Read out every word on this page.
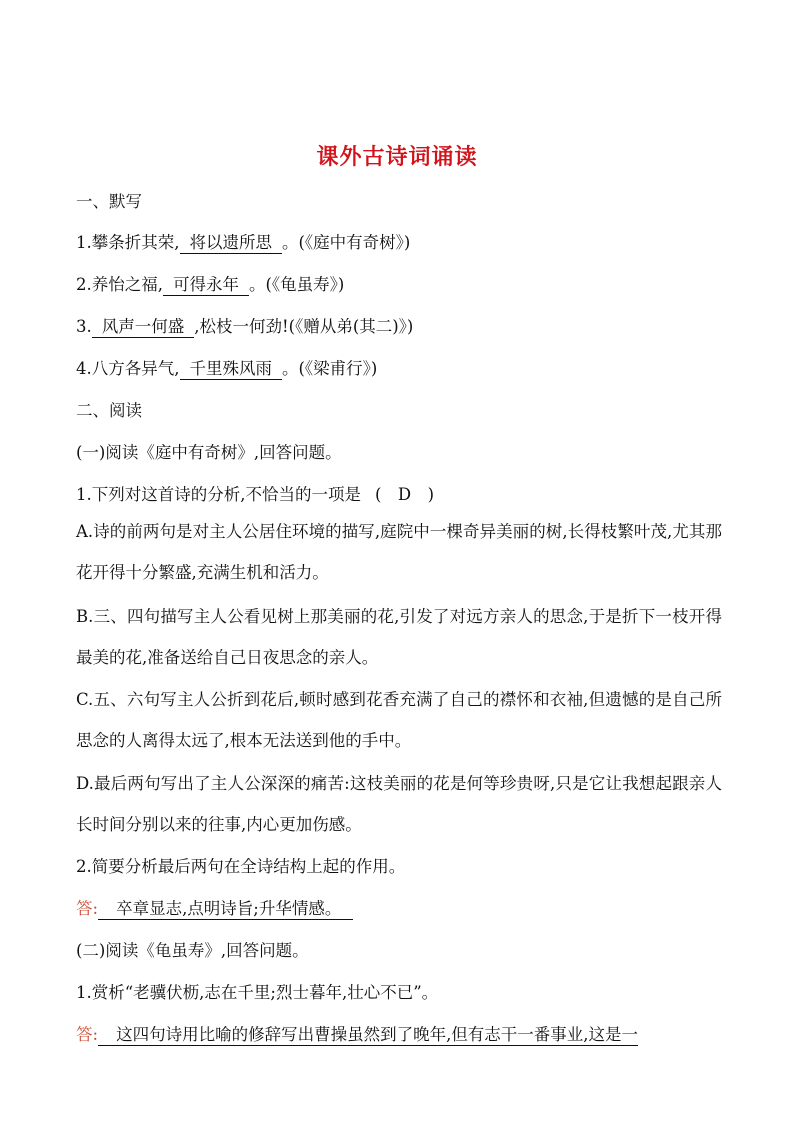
课外古诗词诵读
一、默写
1.攀条折其荣, 将以遗所思 。(《庭中有奇树》)
2.养怡之福, 可得永年 。(《龟虽寿》)
3. 风声一何盛 ,松枝一何劲!(《赠从弟(其二)》)
4.八方各异气, 千里殊风雨 。(《梁甫行》)
二、阅读
(一)阅读《庭中有奇树》,回答问题。
1.下列对这首诗的分析,不恰当的一项是 (　D　)
A.诗的前两句是对主人公居住环境的描写,庭院中一棵奇异美丽的树,长得枝繁叶茂,尤其那花开得十分繁盛,充满生机和活力。
B.三、四句描写主人公看见树上那美丽的花,引发了对远方亲人的思念,于是折下一枝开得最美的花,准备送给自己日夜思念的亲人。
C.五、六句写主人公折到花后,顿时感到花香充满了自己的襟怀和衣袖,但遗憾的是自己所思念的人离得太远了,根本无法送到他的手中。
D.最后两句写出了主人公深深的痛苦:这枝美丽的花是何等珍贵呀,只是它让我想起跟亲人长时间分别以来的往事,内心更加伤感。
2.简要分析最后两句在全诗结构上起的作用。
答: 卒章显志,点明诗旨;升华情感。
(二)阅读《龟虽寿》,回答问题。
1.赏析“老骥伏枥,志在千里;烈士暮年,壮心不已”。
答: 这四句诗用比喻的修辞写出曹操虽然到了晚年,但有志干一番事业,这是一
